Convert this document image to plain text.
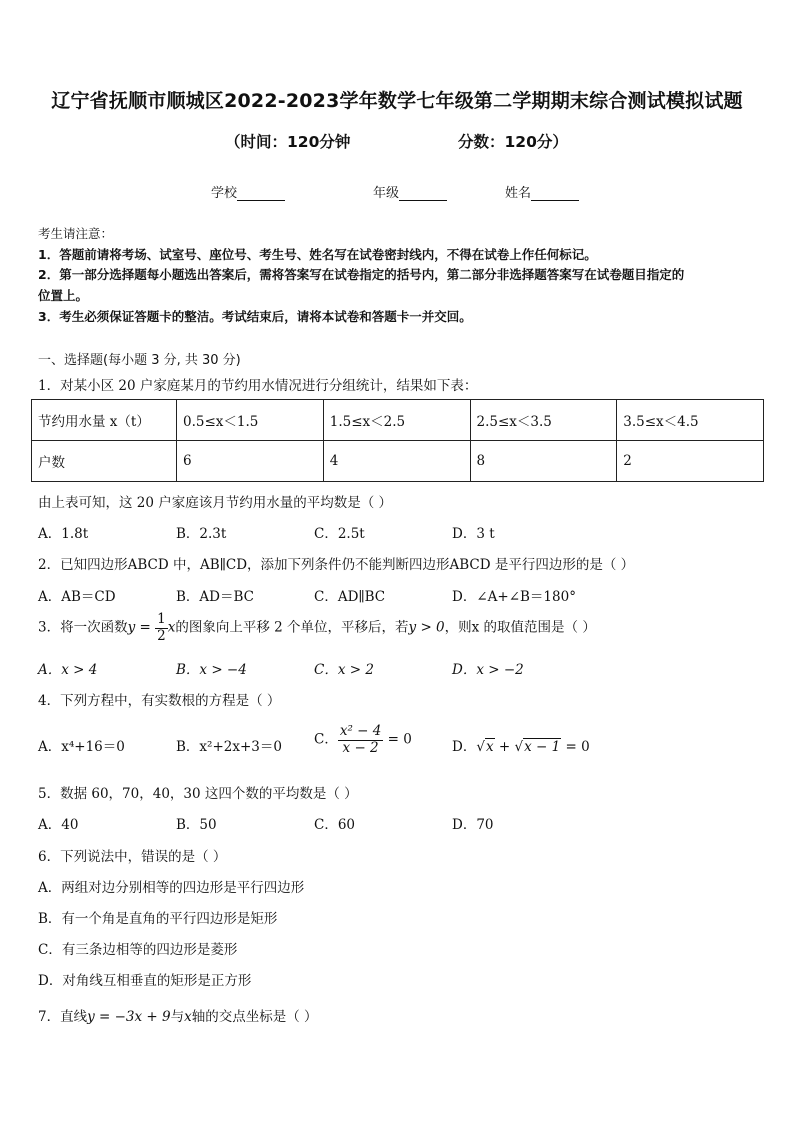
辽宁省抚顺市顺城区2022-2023学年数学七年级第二学期期末综合测试模拟试题
（时间：120分钟	分数：120分）
学校	年级	姓名
考生请注意：
1．答题前请将考场、试室号、座位号、考生号、姓名写在试卷密封线内，不得在试卷上作任何标记。
2．第一部分选择题每小题选出答案后，需将答案写在试卷指定的括号内，第二部分非选择题答案写在试卷题目指定的
位置上。
3．考生必须保证答题卡的整洁。考试结束后，请将本试卷和答题卡一并交回。
一、选择题(每小题 3 分, 共 30 分)
1．对某小区 20 户家庭某月的节约用水情况进行分组统计，结果如下表：
节约用水量 x（t）	0.5≤x＜1.5	1.5≤x＜2.5	2.5≤x＜3.5	3.5≤x＜4.5
户数	6	4	8	2
由上表可知，这 20 户家庭该月节约用水量的平均数是（ ）
A．1.8t	B．2.3t	C．2.5t	D．3 t
2．已知四边形ABCD 中，AB∥CD，添加下列条件仍不能判断四边形ABCD 是平行四边形的是（ ）
A．AB＝CD	B．AD＝BC	C．AD∥BC	D．∠A+∠B＝180°
3．将一次函数$y = \frac{1}{2}$ x的图象向上平移 2 个单位，平移后，若y > 0，则x 的取值范围是（ ）
A．x > 4	B．x > −4	C．x > 2	D．x > −2
4．下列方程中，有实数根的方程是（ ）
A．x⁴+16＝0	B．x²+2x+3＝0 C． $\frac{\text{x² − 4}}{x - 2} = 0$	D．√x + √x − 1 = 0
5．数据 60，70，40，30 这四个数的平均数是（ ）
A．40	B．50	C．60	D．70
6．下列说法中，错误的是（ ）
A．两组对边分别相等的四边形是平行四边形
B．有一个角是直角的平行四边形是矩形
C．有三条边相等的四边形是菱形
D．对角线互相垂直的矩形是正方形
7．直线y = −3x + 9与x轴的交点坐标是（ ）
